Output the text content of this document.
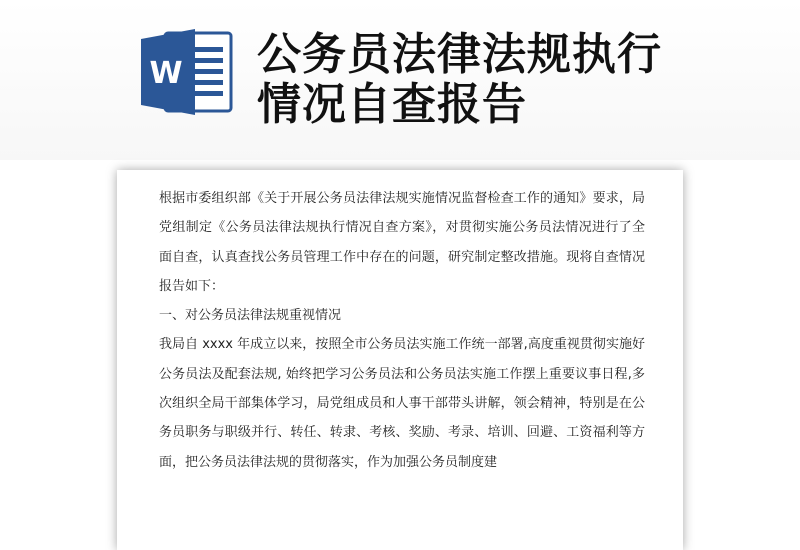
W 公务员法律法规执行
情况自查报告

根据市委组织部《关于开展公务员法律法规实施情况监督检查工作的通知》要求，局党组制定《公务员法律法规执行情况自查方案》，对贯彻实施公务员法情况进行了全面自查，认真查找公务员管理工作中存在的问题，研究制定整改措施。现将自查情况报告如下：

一、对公务员法律法规重视情况

我局自 xxxx 年成立以来，按照全市公务员法实施工作统一部署,高度重视贯彻实施好公务员法及配套法规, 始终把学习公务员法和公务员法实施工作摆上重要议事日程,多次组织全局干部集体学习，局党组成员和人事干部带头讲解，领会精神，特别是在公务员职务与职级并行、转任、转隶、考核、奖励、考录、培训、回避、工资福利等方面，把公务员法律法规的贯彻落实，作为加强公务员制度建
